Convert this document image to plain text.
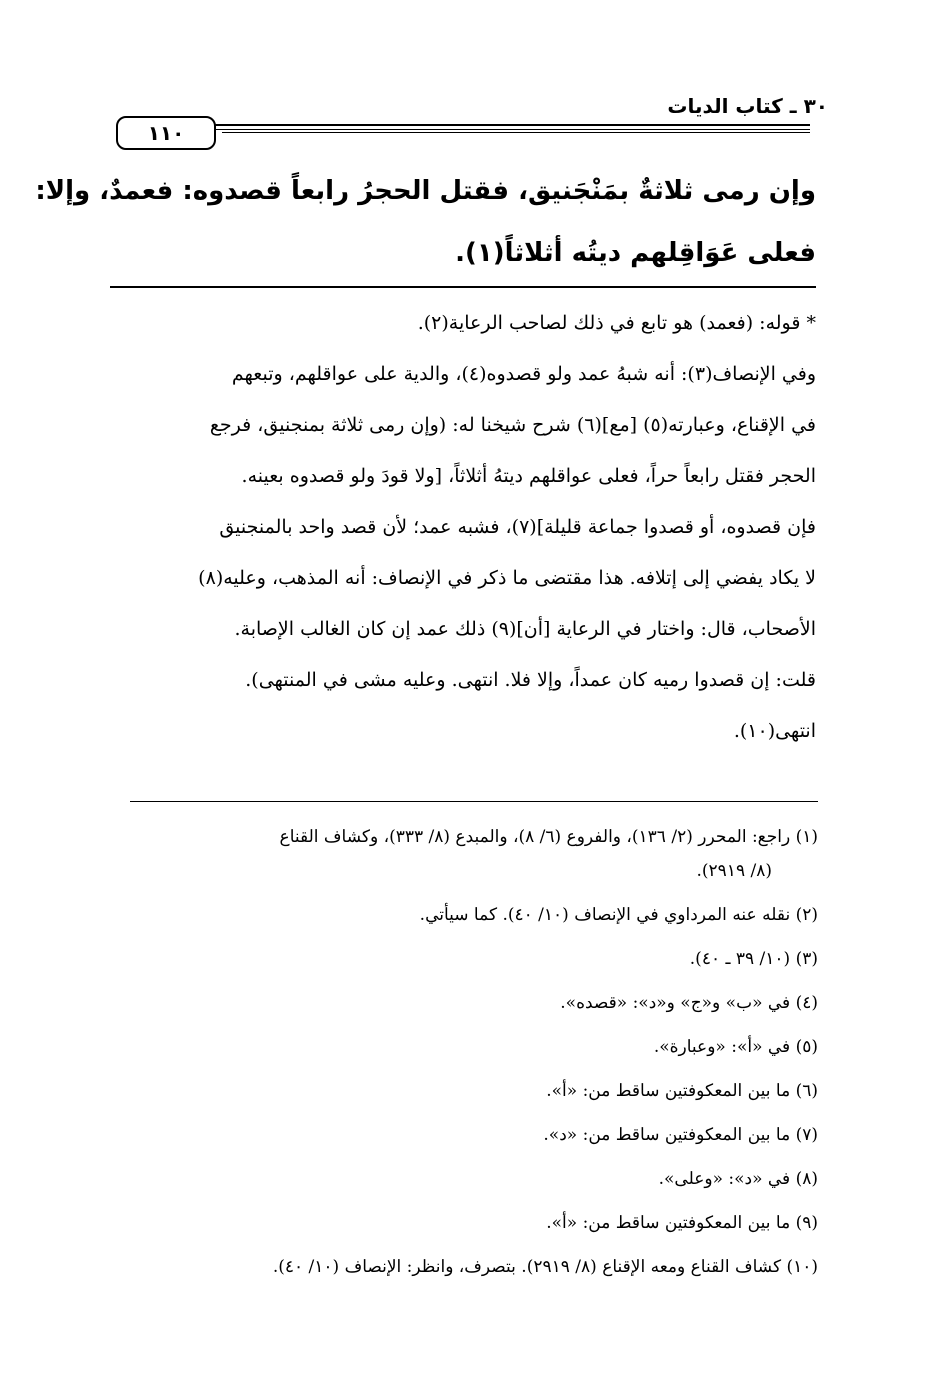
٣٠ ـ كتاب الديات
١١٠
وإن رمى ثلاثةٌ بمَنْجَنيق، فقتل الحجرُ رابعاً قصدوه: فعمدٌ، وإلا:
فعلى عَوَاقِلهم ديتُه أثلاثاً(١).
* قوله: (فعمد) هو تابع في ذلك لصاحب الرعاية(٢).
وفي الإنصاف(٣): أنه شبهُ عمد ولو قصدوه(٤)، والدية على عواقلهم، وتبعهم
في الإقناع، وعبارته(٥) [مع](٦) شرح شيخنا له: (وإن رمى ثلاثة بمنجنيق، فرجع
الحجر فقتل رابعاً حراً، فعلى عواقلهم ديتهُ أثلاثاً، [ولا قودَ ولو قصدوه بعينه.
فإن قصدوه، أو قصدوا جماعة قليلة](٧)، فشبه عمد؛ لأن قصد واحد بالمنجنيق
لا يكاد يفضي إلى إتلافه. هذا مقتضى ما ذكر في الإنصاف: أنه المذهب، وعليه(٨)
الأصحاب، قال: واختار في الرعاية [أن](٩) ذلك عمد إن كان الغالب الإصابة.
قلت: إن قصدوا رميه كان عمداً، وإلا فلا. انتهى. وعليه مشى في المنتهى).
انتهى(١٠).
(١) راجع: المحرر (٢/ ١٣٦)، والفروع (٦/ ٨)، والمبدع (٨/ ٣٣٣)، وكشاف القناع
(٨/ ٢٩١٩).
(٢) نقله عنه المرداوي في الإنصاف (١٠/ ٤٠). كما سيأتي.
(٣) (١٠/ ٣٩ ـ ٤٠).
(٤) في «ب» و«ج» و«د»: «قصده».
(٥) في «أ»: «وعبارة».
(٦) ما بين المعكوفتين ساقط من: «أ».
(٧) ما بين المعكوفتين ساقط من: «د».
(٨) في «د»: «وعلى».
(٩) ما بين المعكوفتين ساقط من: «أ».
(١٠) كشاف القناع ومعه الإقناع (٨/ ٢٩١٩). بتصرف، وانظر: الإنصاف (١٠/ ٤٠).
